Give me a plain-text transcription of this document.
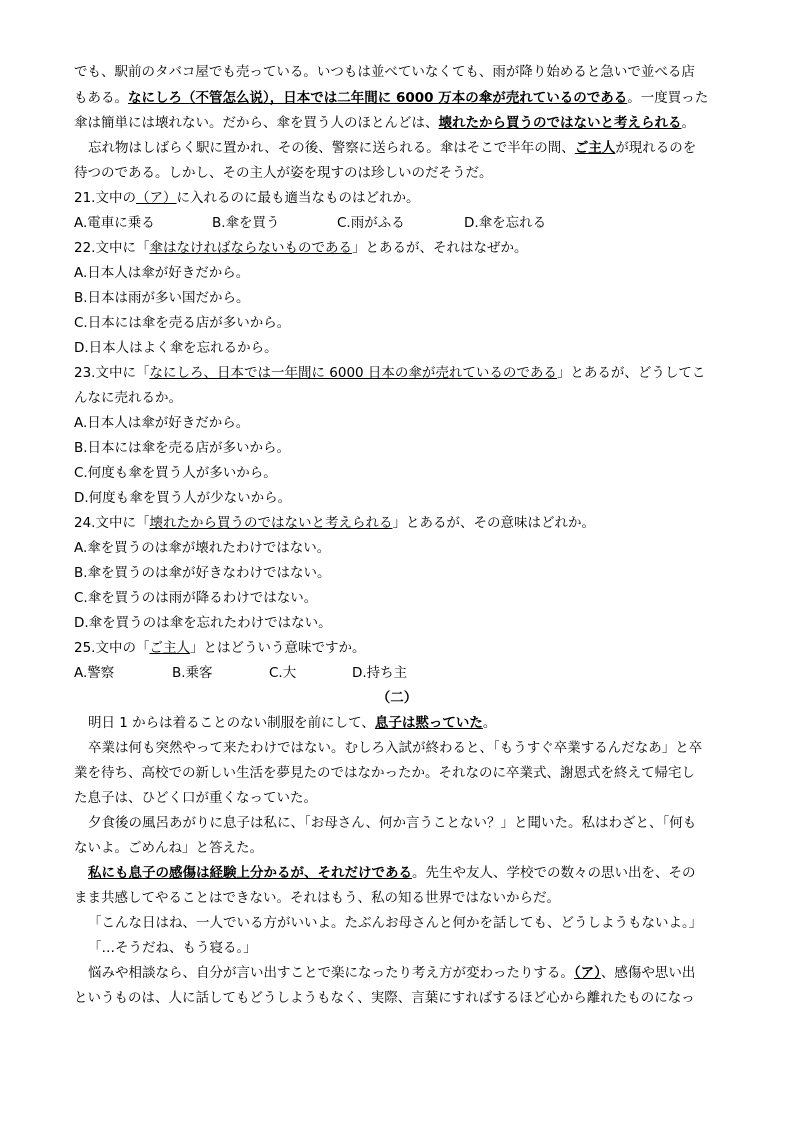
でも、駅前のタバコ屋でも売っている。いつもは並べていなくても、雨が降り始めると急いで並べる店
もある。なにしろ（不管怎么说），日本では二年間に 6000 万本の傘が売れているのである。一度買った
傘は簡単には壊れない。だから、傘を買う人のほとんどは、壊れたから買うのではないと考えられる。
忘れ物はしばらく駅に置かれ、その後、警察に送られる。傘はそこで半年の間、ご主人が現れるのを
待つのである。しかし、その主人が姿を現すのは珍しいのだそうだ。
21.文中の（ア）に入れるのに最も適当なものはどれか。
A.電車に乗る	B.傘を買う	C.雨がふる	D.傘を忘れる
22.文中に「傘はなければならないものである」とあるが、それはなぜか。
A.日本人は傘が好きだから。
B.日本は雨が多い国だから。
C.日本には傘を売る店が多いから。
D.日本人はよく傘を忘れるから。
23.文中に「なにしろ、日本では一年間に 6000 日本の傘が売れているのである」とあるが、どうしてこ
んなに売れるか。
A.日本人は傘が好きだから。
B.日本には傘を売る店が多いから。
C.何度も傘を買う人が多いから。
D.何度も傘を買う人が少ないから。
24.文中に「壊れたから買うのではないと考えられる」とあるが、その意味はどれか。
A.傘を買うのは傘が壊れたわけではない。
B.傘を買うのは傘が好きなわけではない。
C.傘を買うのは雨が降るわけではない。
D.傘を買うのは傘を忘れたわけではない。
25.文中の「ご主人」とはどういう意味ですか。
A.警察	B.乗客	C.大	D.持ち主
（二）
明日 1 からは着ることのない制服を前にして、息子は黙っていた。
卒業は何も突然やって来たわけではない。むしろ入試が終わると、「もうすぐ卒業するんだなあ」と卒
業を待ち、高校での新しい生活を夢見たのではなかったか。それなのに卒業式、謝恩式を終えて帰宅し
た息子は、ひどく口が重くなっていた。
夕食後の風呂あがりに息子は私に、「お母さん、何か言うことない？」と聞いた。私はわざと、「何も
ないよ。ごめんね」と答えた。
私にも息子の感傷は経験上分かるが、それだけである。先生や友人、学校での数々の思い出を、その
まま共感してやることはできない。それはもう、私の知る世界ではないからだ。
「こんな日はね、一人でいる方がいいよ。たぶんお母さんと何かを話しても、どうしようもないよ。」
「…そうだね、もう寝る。」
悩みや相談なら、自分が言い出すことで楽になったり考え方が変わったりする。（ア）、感傷や思い出
というものは、人に話してもどうしようもなく、実際、言葉にすればするほど心から離れたものになっ
